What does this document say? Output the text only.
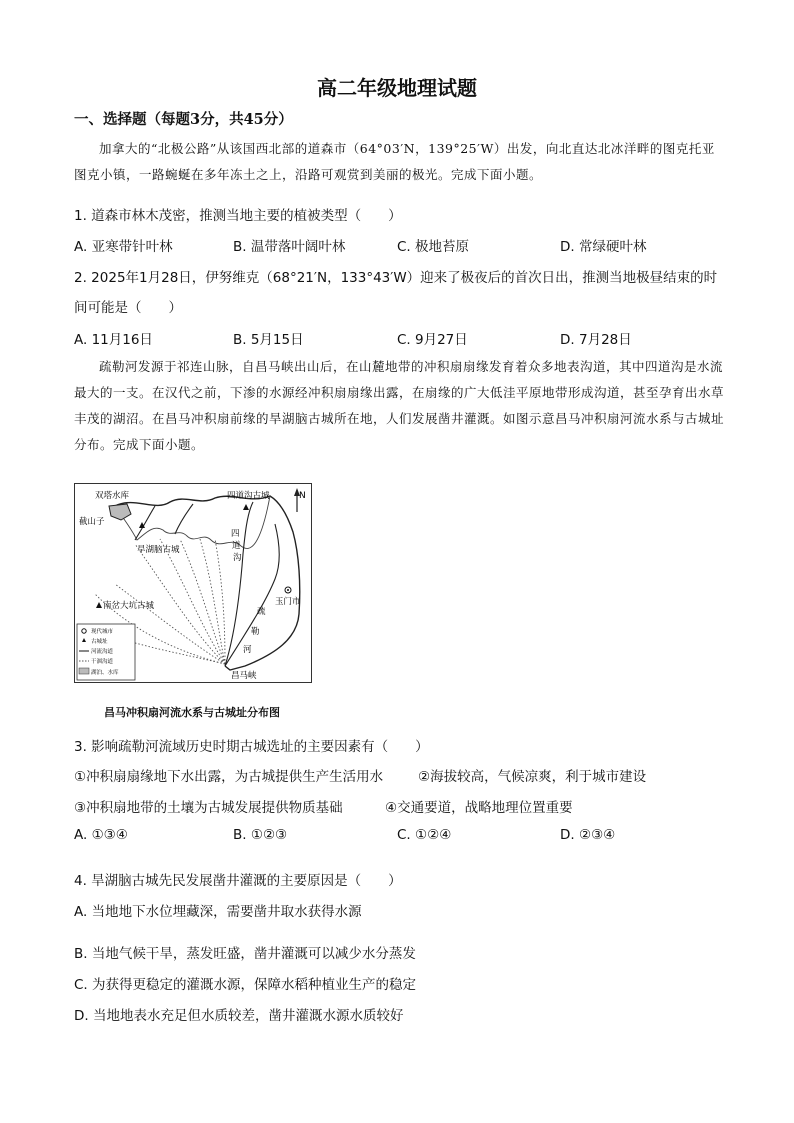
高二年级地理试题
一、选择题（每题3分，共45分）
加拿大的“北极公路”从该国西北部的道森市（64°03′N，139°25′W）出发，向北直达北冰洋畔的图克托亚图克小镇，一路蜿蜒在多年冻土之上，沿路可观赏到美丽的极光。完成下面小题。
1. 道森市林木茂密，推测当地主要的植被类型（　　）
A. 亚寒带针叶林	B. 温带落叶阔叶林	C. 极地苔原	D. 常绿硬叶林
2. 2025年1月28日，伊努维克（68°21′N，133°43′W）迎来了极夜后的首次日出，推测当地极昼结束的时
间可能是（　　）
A. 11月16日	B. 5月15日	C. 9月27日	D. 7月28日
疏勒河发源于祁连山脉，自昌马峡出山后，在山麓地带的冲积扇扇缘发育着众多地表沟道，其中四道沟是水流最大的一支。在汉代之前，下渗的水源经冲积扇扇缘出露，在扇缘的广大低洼平原地带形成沟道，甚至孕育出水草丰茂的湖沼。在昌马冲积扇前缘的旱湖脑古城所在地，人们发展凿井灌溉。如图示意昌马冲积扇河流水系与古城址分布。完成下面小题。
N
双塔水库
截山子
四道沟古城
旱湖脑古城
南岔大坑古城
四
道
沟
玉门市
疏
勒
河
昌马峡
现代城市
古城址
河流沟道
干涸沟道
湖泊、水库
昌马冲积扇河流水系与古城址分布图
3. 影响疏勒河流域历史时期古城选址的主要因素有（　　）
①冲积扇扇缘地下水出露，为古城提供生产生活用水	②海拔较高，气候凉爽，利于城市建设
③冲积扇地带的土壤为古城发展提供物质基础	④交通要道，战略地理位置重要
A. ①③④	B. ①②③	C. ①②④	D. ②③④
4. 旱湖脑古城先民发展凿井灌溉的主要原因是（　　）
A. 当地地下水位埋藏深，需要凿井取水获得水源
B. 当地气候干旱，蒸发旺盛，凿井灌溉可以减少水分蒸发
C. 为获得更稳定的灌溉水源，保障水稻种植业生产的稳定
D. 当地地表水充足但水质较差，凿井灌溉水源水质较好
